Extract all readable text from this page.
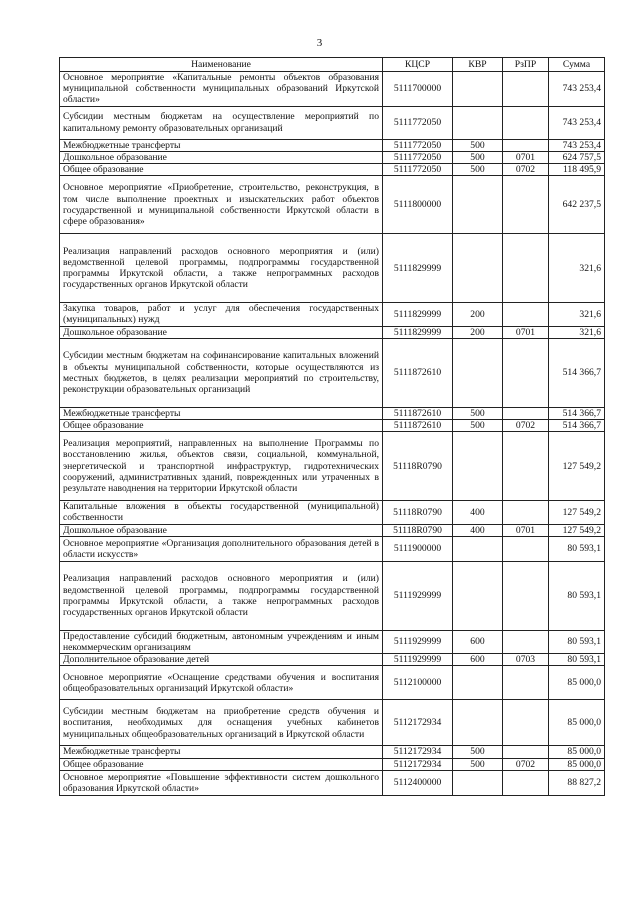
3
Наименование	КЦСР	КВР	РзПР	Сумма
Основное мероприятие «Капитальные ремонты объектов образования муниципальной собственности муниципальных образований Иркутской области»	5111700000			743 253,4
Субсидии местным бюджетам на осуществление мероприятий по капитальному ремонту образовательных организаций	5111772050			743 253,4
Межбюджетные трансферты	5111772050	500		743 253,4
Дошкольное образование	5111772050	500	0701	624 757,5
Общее образование	5111772050	500	0702	118 495,9
Основное мероприятие «Приобретение, строительство, реконструкция, в том числе выполнение проектных и изыскательских работ объектов государственной и муниципальной собственности Иркутской области в сфере образования»	5111800000			642 237,5
Реализация направлений расходов основного мероприятия и (или) ведомственной целевой программы, подпрограммы государственной программы Иркутской области, а также непрограммных расходов государственных органов Иркутской области	5111829999			321,6
Закупка товаров, работ и услуг для обеспечения государственных (муниципальных) нужд	5111829999	200		321,6
Дошкольное образование	5111829999	200	0701	321,6
Субсидии местным бюджетам на софинансирование капитальных вложений в объекты муниципальной собственности, которые осуществляются из местных бюджетов, в целях реализации мероприятий по строительству, реконструкции образовательных организаций	5111872610			514 366,7
Межбюджетные трансферты	5111872610	500		514 366,7
Общее образование	5111872610	500	0702	514 366,7
Реализация мероприятий, направленных на выполнение Программы по восстановлению жилья, объектов связи, социальной, коммунальной, энергетической и транспортной инфраструктур, гидротехнических сооружений, административных зданий, поврежденных или утраченных в результате наводнения на территории Иркутской области	51118R0790			127 549,2
Капитальные вложения в объекты государственной (муниципальной) собственности	51118R0790	400		127 549,2
Дошкольное образование	51118R0790	400	0701	127 549,2
Основное мероприятие «Организация дополнительного образования детей в области искусств»	5111900000			80 593,1
Реализация направлений расходов основного мероприятия и (или) ведомственной целевой программы, подпрограммы государственной программы Иркутской области, а также непрограммных расходов государственных органов Иркутской области	5111929999			80 593,1
Предоставление субсидий бюджетным, автономным учреждениям и иным некоммерческим организациям	5111929999	600		80 593,1
Дополнительное образование детей	5111929999	600	0703	80 593,1
Основное мероприятие «Оснащение средствами обучения и воспитания общеобразовательных организаций Иркутской области»	5112100000			85 000,0
Субсидии местным бюджетам на приобретение средств обучения и воспитания, необходимых для оснащения учебных кабинетов муниципальных общеобразовательных организаций в Иркутской области	5112172934			85 000,0
Межбюджетные трансферты	5112172934	500		85 000,0
Общее образование	5112172934	500	0702	85 000,0
Основное мероприятие «Повышение эффективности систем дошкольного образования Иркутской области»	5112400000			88 827,2
